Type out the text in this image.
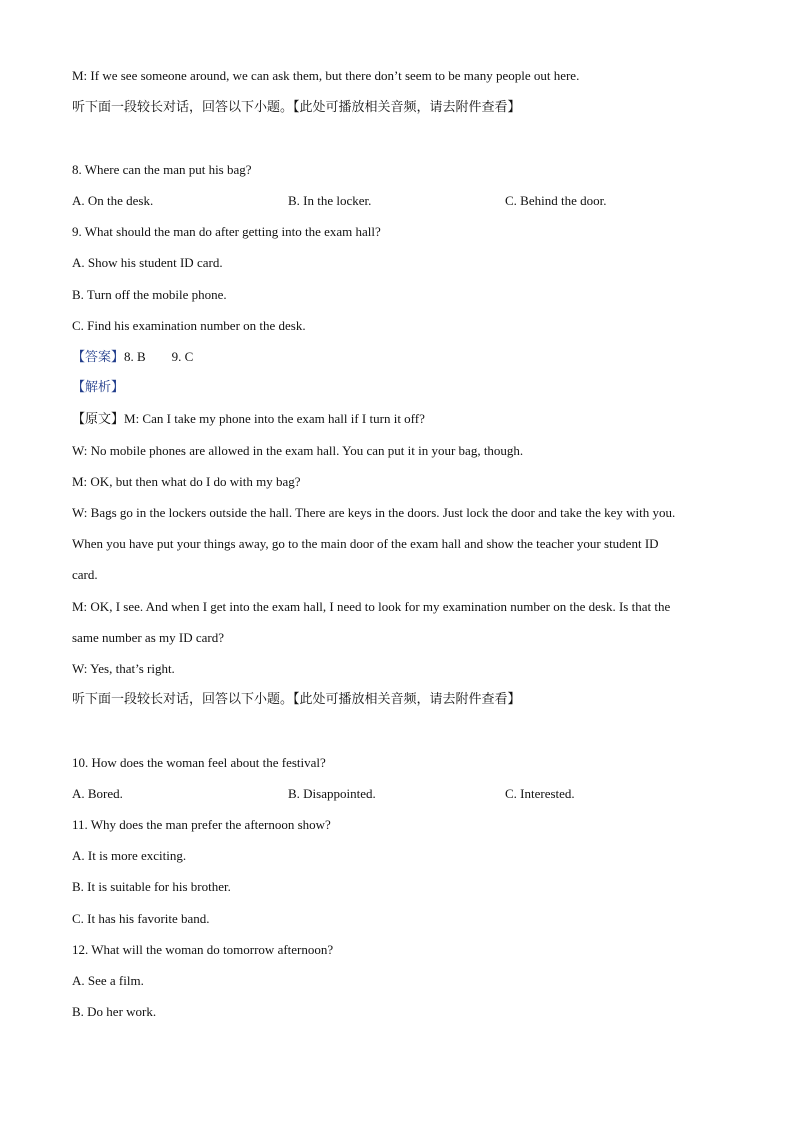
M: If we see someone around, we can ask them, but there don’t seem to be many people out here.
听下面一段较长对话，回答以下小题。【此处可播放相关音频，请去附件查看】
8. Where can the man put his bag?
A. On the desk.	B. In the locker.	C. Behind the door.
9. What should the man do after getting into the exam hall?
A. Show his student ID card.
B. Turn off the mobile phone.
C. Find his examination number on the desk.
【答案】8. B        9. C
【解析】
【原文】M: Can I take my phone into the exam hall if I turn it off?
W: No mobile phones are allowed in the exam hall. You can put it in your bag, though.
M: OK, but then what do I do with my bag?
W: Bags go in the lockers outside the hall. There are keys in the doors. Just lock the door and take the key with you.
When you have put your things away, go to the main door of the exam hall and show the teacher your student ID
card.
M: OK, I see. And when I get into the exam hall, I need to look for my examination number on the desk. Is that the
same number as my ID card?
W: Yes, that’s right.
听下面一段较长对话，回答以下小题。【此处可播放相关音频，请去附件查看】
10. How does the woman feel about the festival?
A. Bored.	B. Disappointed.	C. Interested.
11. Why does the man prefer the afternoon show?
A. It is more exciting.
B. It is suitable for his brother.
C. It has his favorite band.
12. What will the woman do tomorrow afternoon?
A. See a film.
B. Do her work.
